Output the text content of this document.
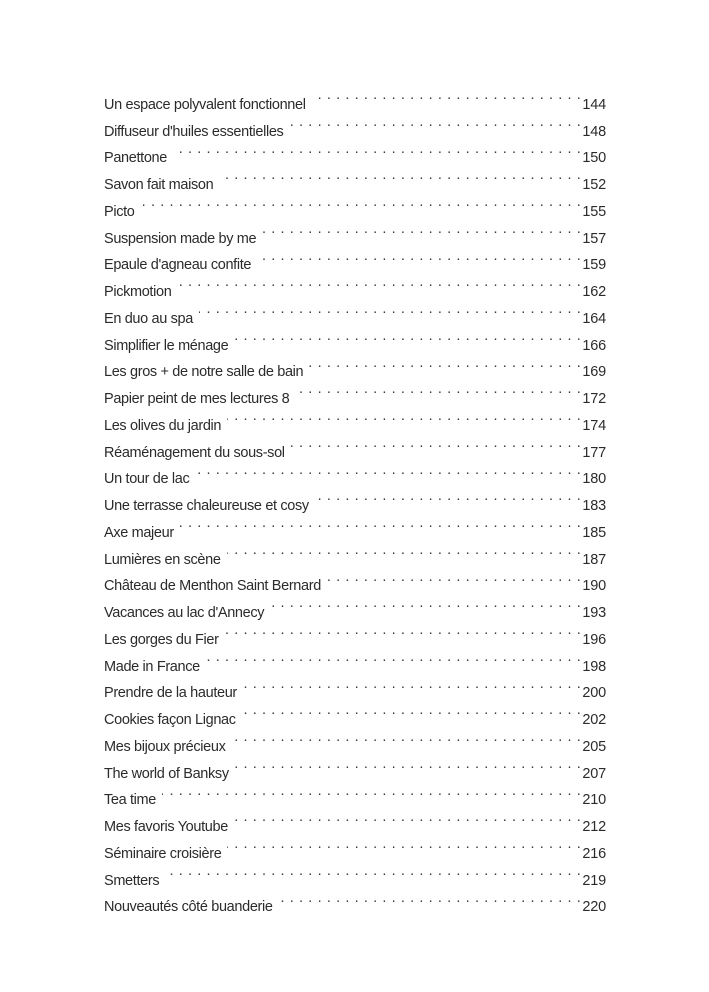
Un espace polyvalent fonctionnel . . .	144
Diffuseur d'huiles essentielles . . .	148
Panettone . . .	150
Savon fait maison . . .	152
Picto . . .	155
Suspension made by me . . .	157
Epaule d'agneau confite . . .	159
Pickmotion . . .	162
En duo au spa . . .	164
Simplifier le ménage . . .	166
Les gros + de notre salle de bain . . .	169
Papier peint de mes lectures 8 . . .	172
Les olives du jardin . . .	174
Réaménagement du sous-sol . . .	177
Un tour de lac . . .	180
Une terrasse chaleureuse et cosy . . .	183
Axe majeur . . .	185
Lumières en scène . . .	187
Château de Menthon Saint Bernard . . .	190
Vacances au lac d'Annecy . . .	193
Les gorges du Fier . . .	196
Made in France . . .	198
Prendre de la hauteur . . .	200
Cookies façon Lignac . . .	202
Mes bijoux précieux . . .	205
The world of Banksy . . .	207
Tea time . . .	210
Mes favoris Youtube . . .	212
Séminaire croisière . . .	216
Smetters . . .	219
Nouveautés côté buanderie . . .	220
